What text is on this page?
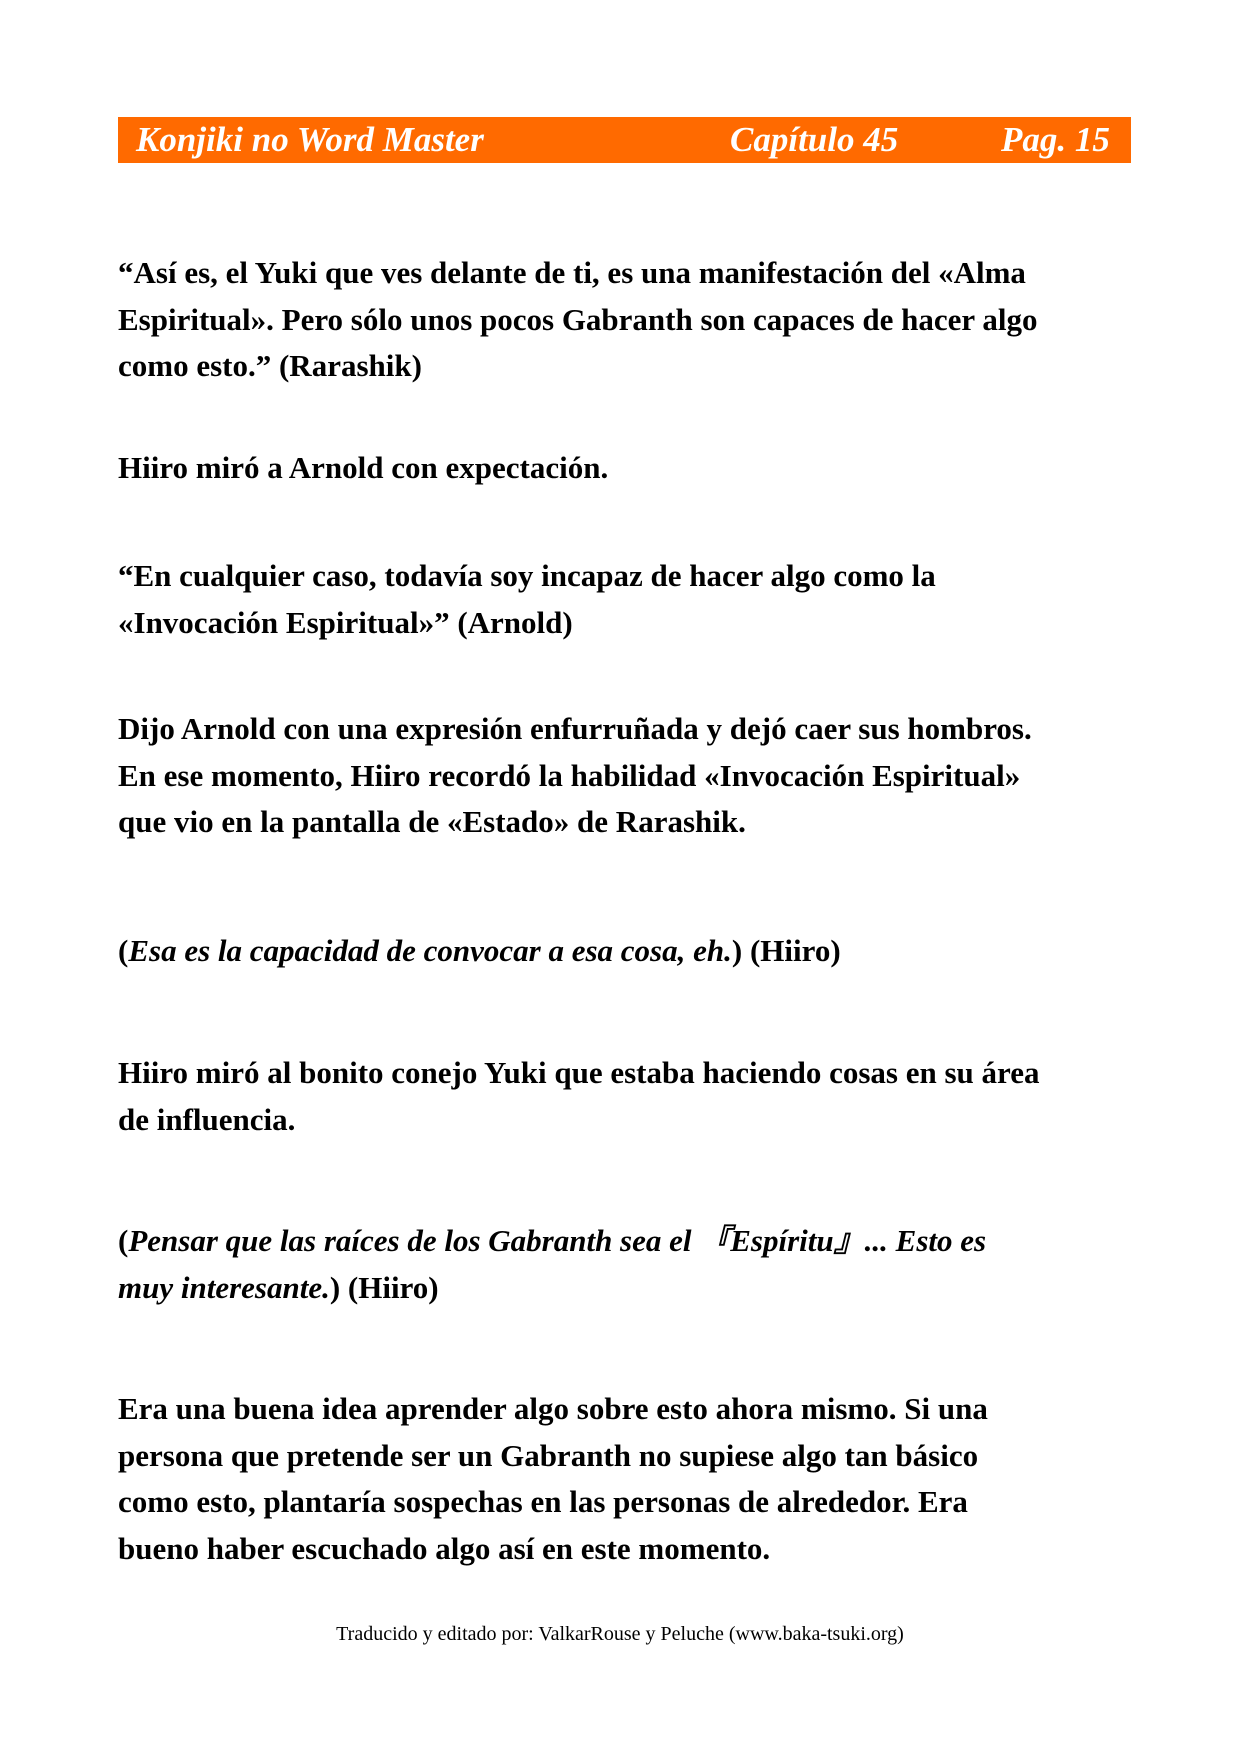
Konjiki no Word Master	Capítulo 45	Pag. 15

“Así es, el Yuki que ves delante de ti, es una manifestación del «Alma
Espiritual». Pero sólo unos pocos Gabranth son capaces de hacer algo
como esto.” (Rarashik)

Hiiro miró a Arnold con expectación.

“En cualquier caso, todavía soy incapaz de hacer algo como la
«Invocación Espiritual»” (Arnold)

Dijo Arnold con una expresión enfurruñada y dejó caer sus hombros.
En ese momento, Hiiro recordó la habilidad «Invocación Espiritual»
que vio en la pantalla de «Estado» de Rarashik.

(Esa es la capacidad de convocar a esa cosa, eh.) (Hiiro)

Hiiro miró al bonito conejo Yuki que estaba haciendo cosas en su área
de influencia.

(Pensar que las raíces de los Gabranth sea el 『Espíritu』... Esto es
muy interesante.) (Hiiro)

Era una buena idea aprender algo sobre esto ahora mismo. Si una
persona que pretende ser un Gabranth no supiese algo tan básico
como esto, plantaría sospechas en las personas de alrededor. Era
bueno haber escuchado algo así en este momento.

Traducido y editado por: ValkarRouse y Peluche (www.baka-tsuki.org)
